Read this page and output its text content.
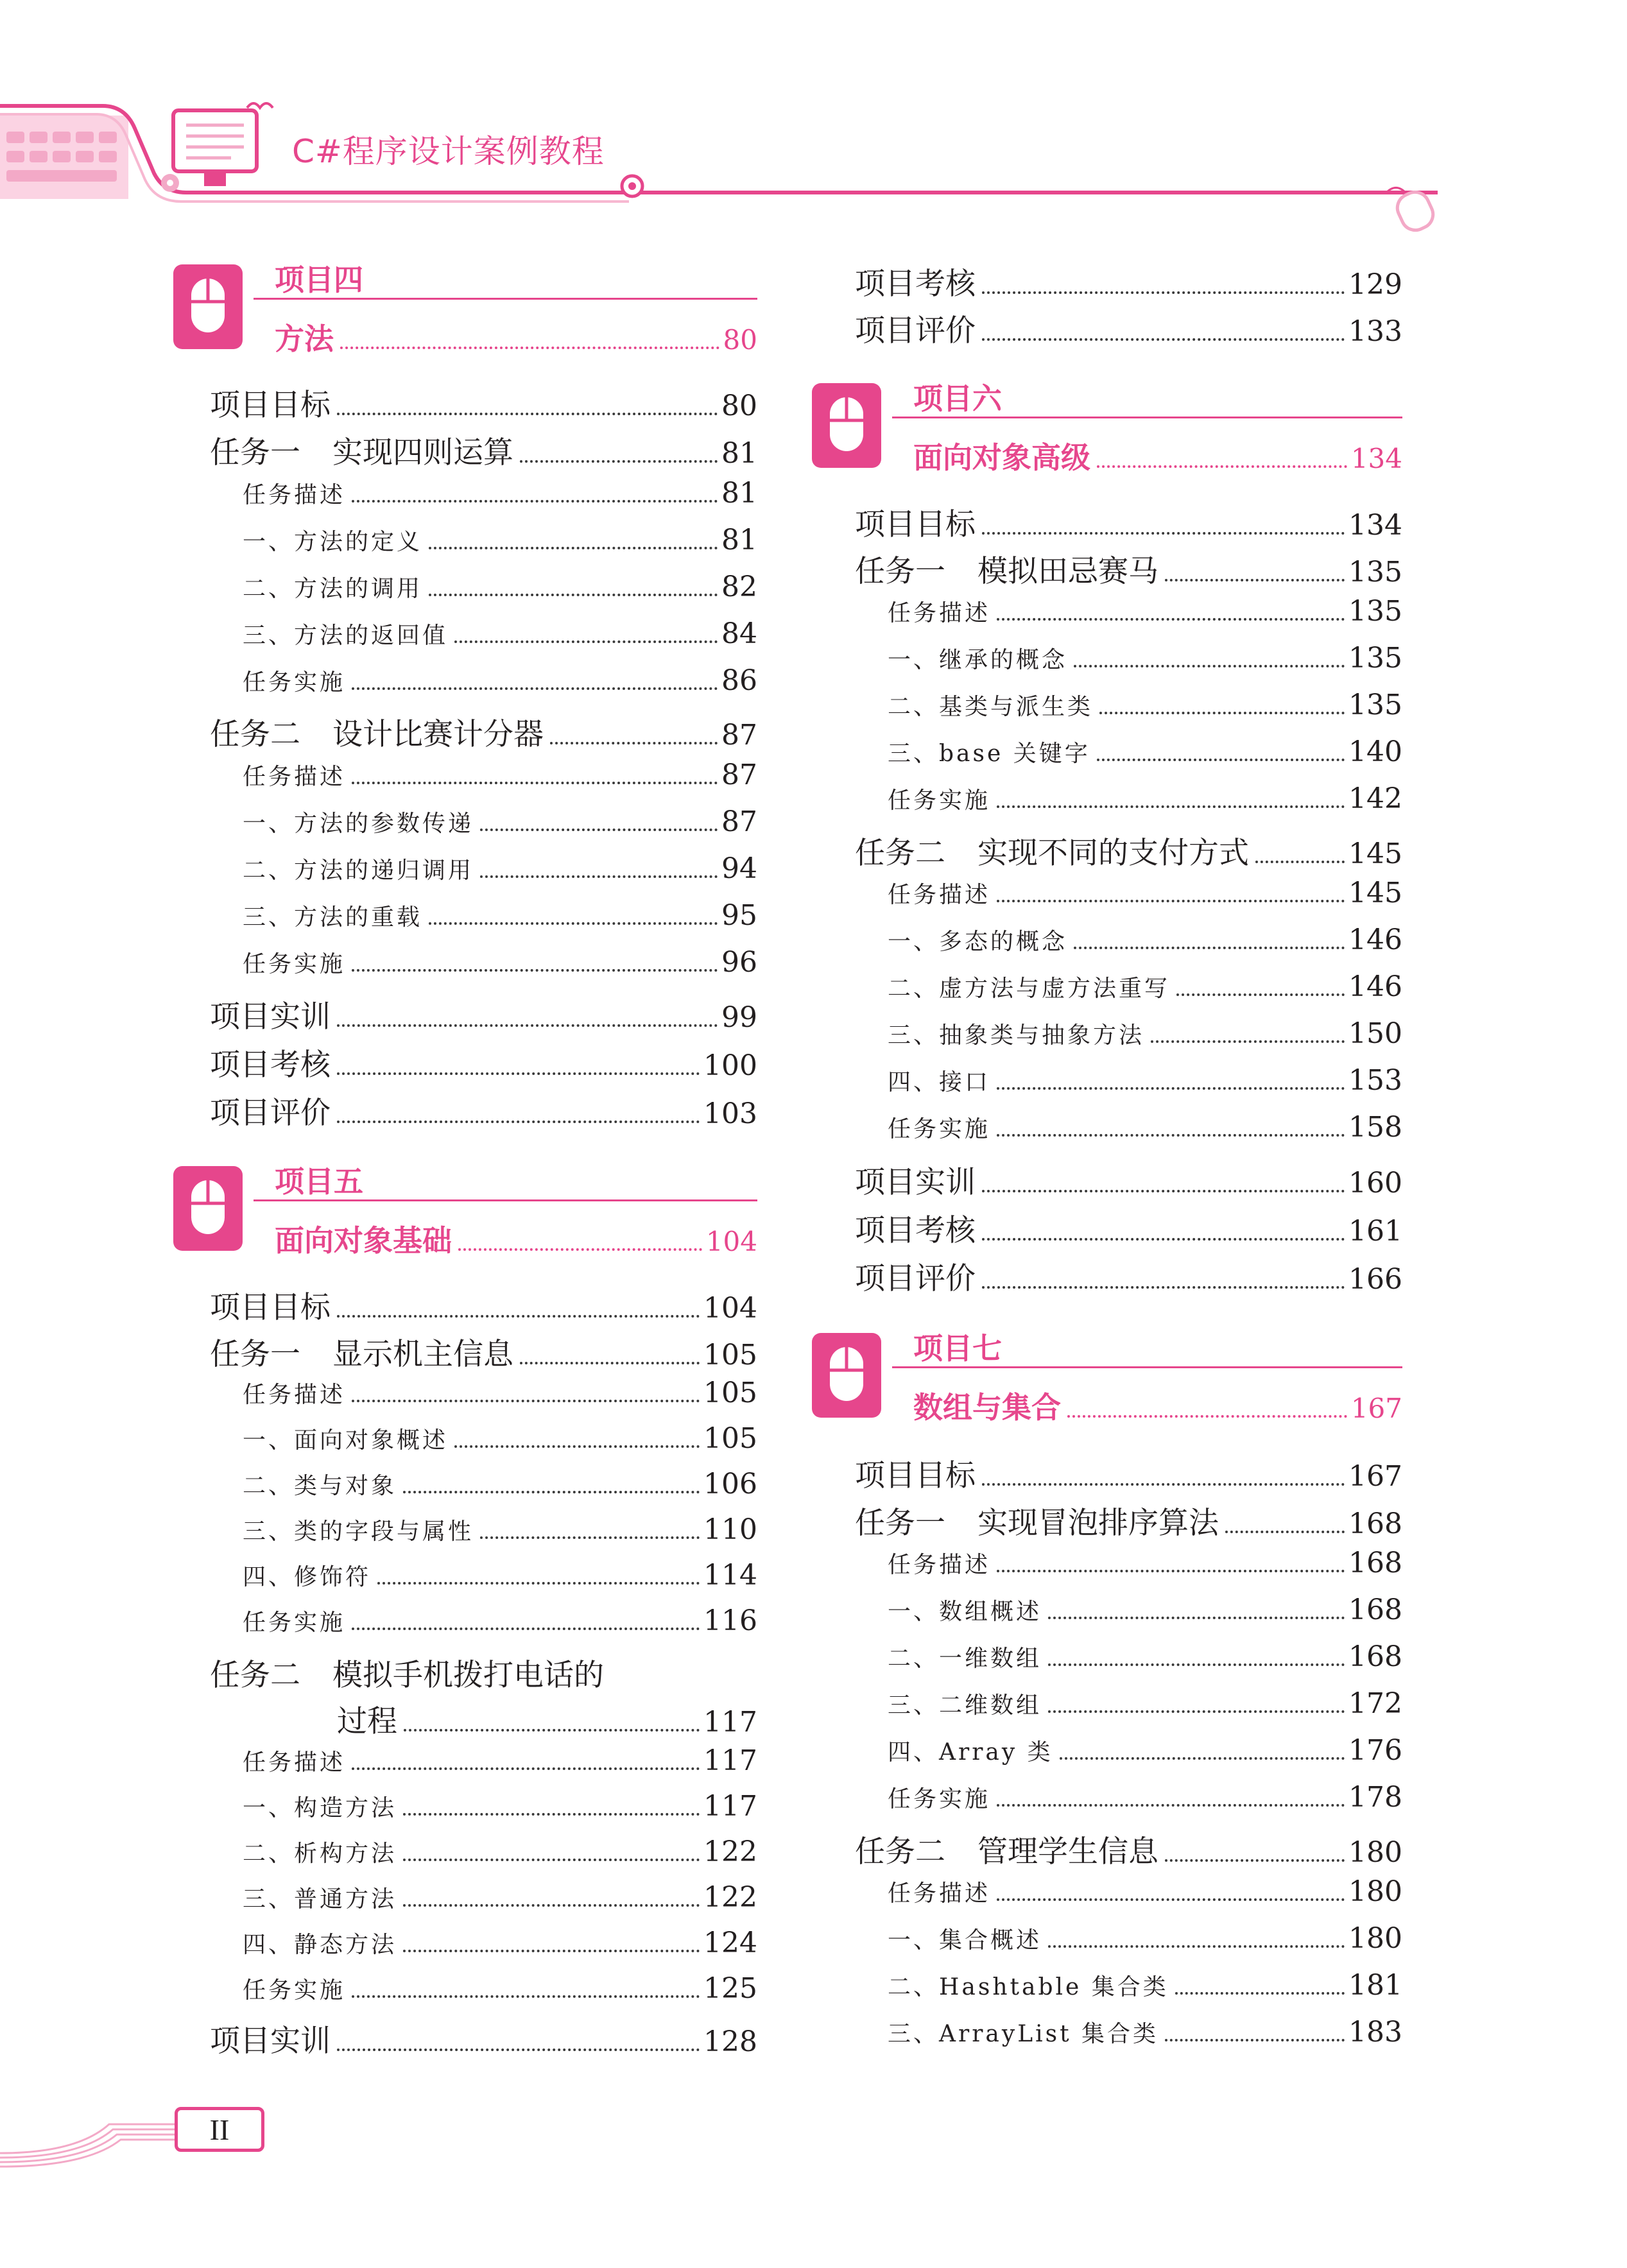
C#程序设计案例教程
项目四
方法	80
项目目标	80
任务一 实现四则运算	81
任务描述	81
一、方法的定义	81
二、方法的调用	82
三、方法的返回值	84
任务实施	86
任务二 设计比赛计分器	87
任务描述	87
一、方法的参数传递	87
二、方法的递归调用	94
三、方法的重载	95
任务实施	96
项目实训	99
项目考核	100
项目评价	103
项目五
面向对象基础	104
项目目标	104
任务一 显示机主信息	105
任务描述	105
一、面向对象概述	105
二、类与对象	106
三、类的字段与属性	110
四、修饰符	114
任务实施	116
任务二 模拟手机拨打电话的
过程	117
任务描述	117
一、构造方法	117
二、析构方法	122
三、普通方法	122
四、静态方法	124
任务实施	125
项目实训	128
项目考核	129
项目评价	133
项目六
面向对象高级	134
项目目标	134
任务一 模拟田忌赛马	135
任务描述	135
一、继承的概念	135
二、基类与派生类	135
三、base 关键字	140
任务实施	142
任务二 实现不同的支付方式	145
任务描述	145
一、多态的概念	146
二、虚方法与虚方法重写	146
三、抽象类与抽象方法	150
四、接口	153
任务实施	158
项目实训	160
项目考核	161
项目评价	166
项目七
数组与集合	167
项目目标	167
任务一 实现冒泡排序算法	168
任务描述	168
一、数组概述	168
二、一维数组	168
三、二维数组	172
四、Array 类	176
任务实施	178
任务二 管理学生信息	180
任务描述	180
一、集合概述	180
二、Hashtable 集合类	181
三、ArrayList 集合类	183
II
